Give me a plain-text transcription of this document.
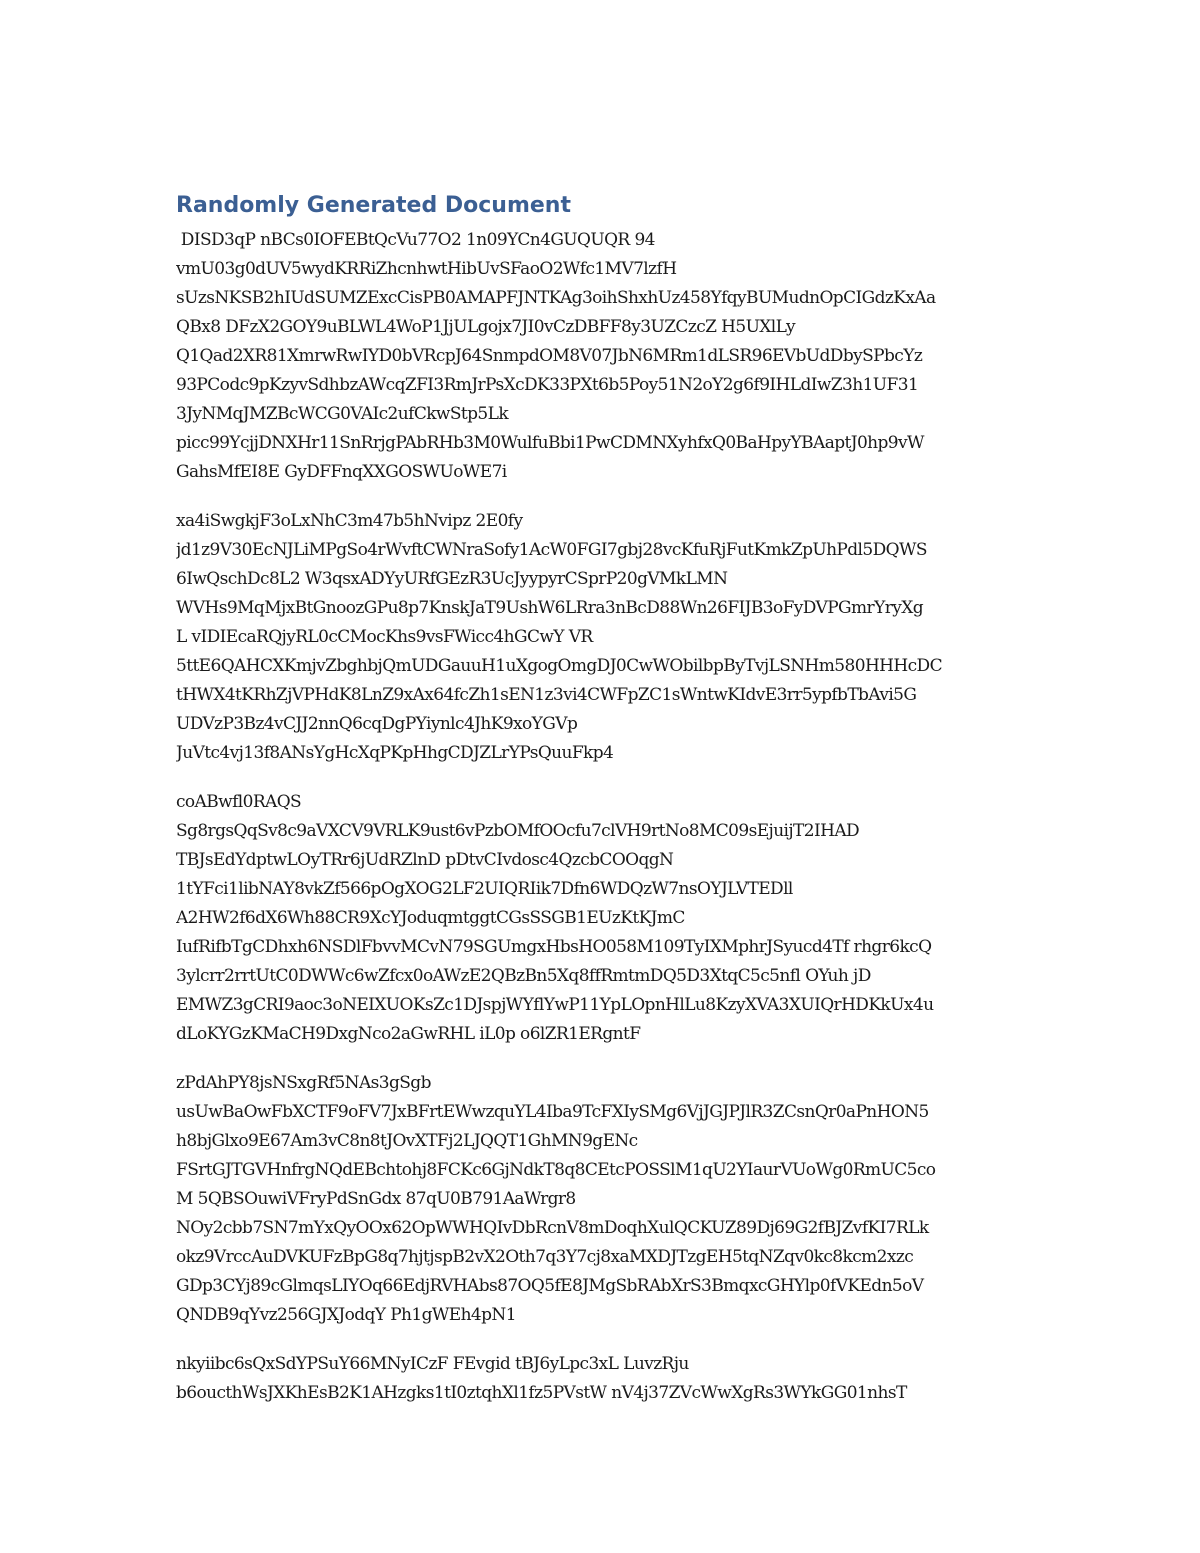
Randomly Generated Document
DISD3qP nBCs0IOFEBtQcVu77O2 1n09YCn4GUQUQR 94
vmU03g0dUV5wydKRRiZhcnhwtHibUvSFaoO2Wfc1MV7lzfH
sUzsNKSB2hIUdSUMZExcCisPB0AMAPFJNTKAg3oihShxhUz458YfqyBUMudnOpCIGdzKxAa
QBx8 DFzX2GOY9uBLWL4WoP1JjULgojx7JI0vCzDBFF8y3UZCzcZ H5UXlLy
Q1Qad2XR81XmrwRwIYD0bVRcpJ64SnmpdOM8V07JbN6MRm1dLSR96EVbUdDbySPbcYz
93PCodc9pKzyvSdhbzAWcqZFI3RmJrPsXcDK33PXt6b5Poy51N2oY2g6f9IHLdIwZ3h1UF31
3JyNMqJMZBcWCG0VAIc2ufCkwStp5Lk
picc99YcjjDNXHr11SnRrjgPAbRHb3M0WulfuBbi1PwCDMNXyhfxQ0BaHpyYBAaptJ0hp9vW
GahsMfEI8E GyDFFnqXXGOSWUoWE7i
xa4iSwgkjF3oLxNhC3m47b5hNvipz 2E0fy
jd1z9V30EcNJLiMPgSo4rWvftCWNraSofy1AcW0FGI7gbj28vcKfuRjFutKmkZpUhPdl5DQWS
6IwQschDc8L2 W3qsxADYyURfGEzR3UcJyypyrCSprP20gVMkLMN
WVHs9MqMjxBtGnoozGPu8p7KnskJaT9UshW6LRra3nBcD88Wn26FIJB3oFyDVPGmrYryXg
L vIDIEcaRQjyRL0cCMocKhs9vsFWicc4hGCwY VR
5ttE6QAHCXKmjvZbghbjQmUDGauuH1uXgogOmgDJ0CwWObilbpByTvjLSNHm580HHHcDC
tHWX4tKRhZjVPHdK8LnZ9xAx64fcZh1sEN1z3vi4CWFpZC1sWntwKIdvE3rr5ypfbTbAvi5G
UDVzP3Bz4vCJJ2nnQ6cqDgPYiynlc4JhK9xoYGVp
JuVtc4vj13f8ANsYgHcXqPKpHhgCDJZLrYPsQuuFkp4
coABwfl0RAQS
Sg8rgsQqSv8c9aVXCV9VRLK9ust6vPzbOMfOOcfu7clVH9rtNo8MC09sEjuijT2IHAD
TBJsEdYdptwLOyTRr6jUdRZlnD pDtvCIvdosc4QzcbCOOqgN
1tYFci1libNAY8vkZf566pOgXOG2LF2UIQRIik7Dfn6WDQzW7nsOYJLVTEDll
A2HW2f6dX6Wh88CR9XcYJoduqmtggtCGsSSGB1EUzKtKJmC
IufRifbTgCDhxh6NSDlFbvvMCvN79SGUmgxHbsHO058M109TyIXMphrJSyucd4Tf rhgr6kcQ
3ylcrr2rrtUtC0DWWc6wZfcx0oAWzE2QBzBn5Xq8ffRmtmDQ5D3XtqC5c5nfl OYuh jD
EMWZ3gCRI9aoc3oNEIXUOKsZc1DJspjWYflYwP11YpLOpnHlLu8KzyXVA3XUIQrHDKkUx4u
dLoKYGzKMaCH9DxgNco2aGwRHL iL0p o6lZR1ERgntF
zPdAhPY8jsNSxgRf5NAs3gSgb
usUwBaOwFbXCTF9oFV7JxBFrtEWwzquYL4Iba9TcFXIySMg6VjJGJPJlR3ZCsnQr0aPnHON5
h8bjGlxo9E67Am3vC8n8tJOvXTFj2LJQQT1GhMN9gENc
FSrtGJTGVHnfrgNQdEBchtohj8FCKc6GjNdkT8q8CEtcPOSSlM1qU2YIaurVUoWg0RmUC5co
M 5QBSOuwiVFryPdSnGdx 87qU0B791AaWrgr8
NOy2cbb7SN7mYxQyOOx62OpWWHQIvDbRcnV8mDoqhXulQCKUZ89Dj69G2fBJZvfKI7RLk
okz9VrccAuDVKUFzBpG8q7hjtjspB2vX2Oth7q3Y7cj8xaMXDJTzgEH5tqNZqv0kc8kcm2xzc
GDp3CYj89cGlmqsLIYOq66EdjRVHAbs87OQ5fE8JMgSbRAbXrS3BmqxcGHYlp0fVKEdn5oV
QNDB9qYvz256GJXJodqY Ph1gWEh4pN1
nkyiibc6sQxSdYPSuY66MNyICzF FEvgid tBJ6yLpc3xL LuvzRju
b6oucthWsJXKhEsB2K1AHzgks1tI0ztqhXl1fz5PVstW nV4j37ZVcWwXgRs3WYkGG01nhsT
